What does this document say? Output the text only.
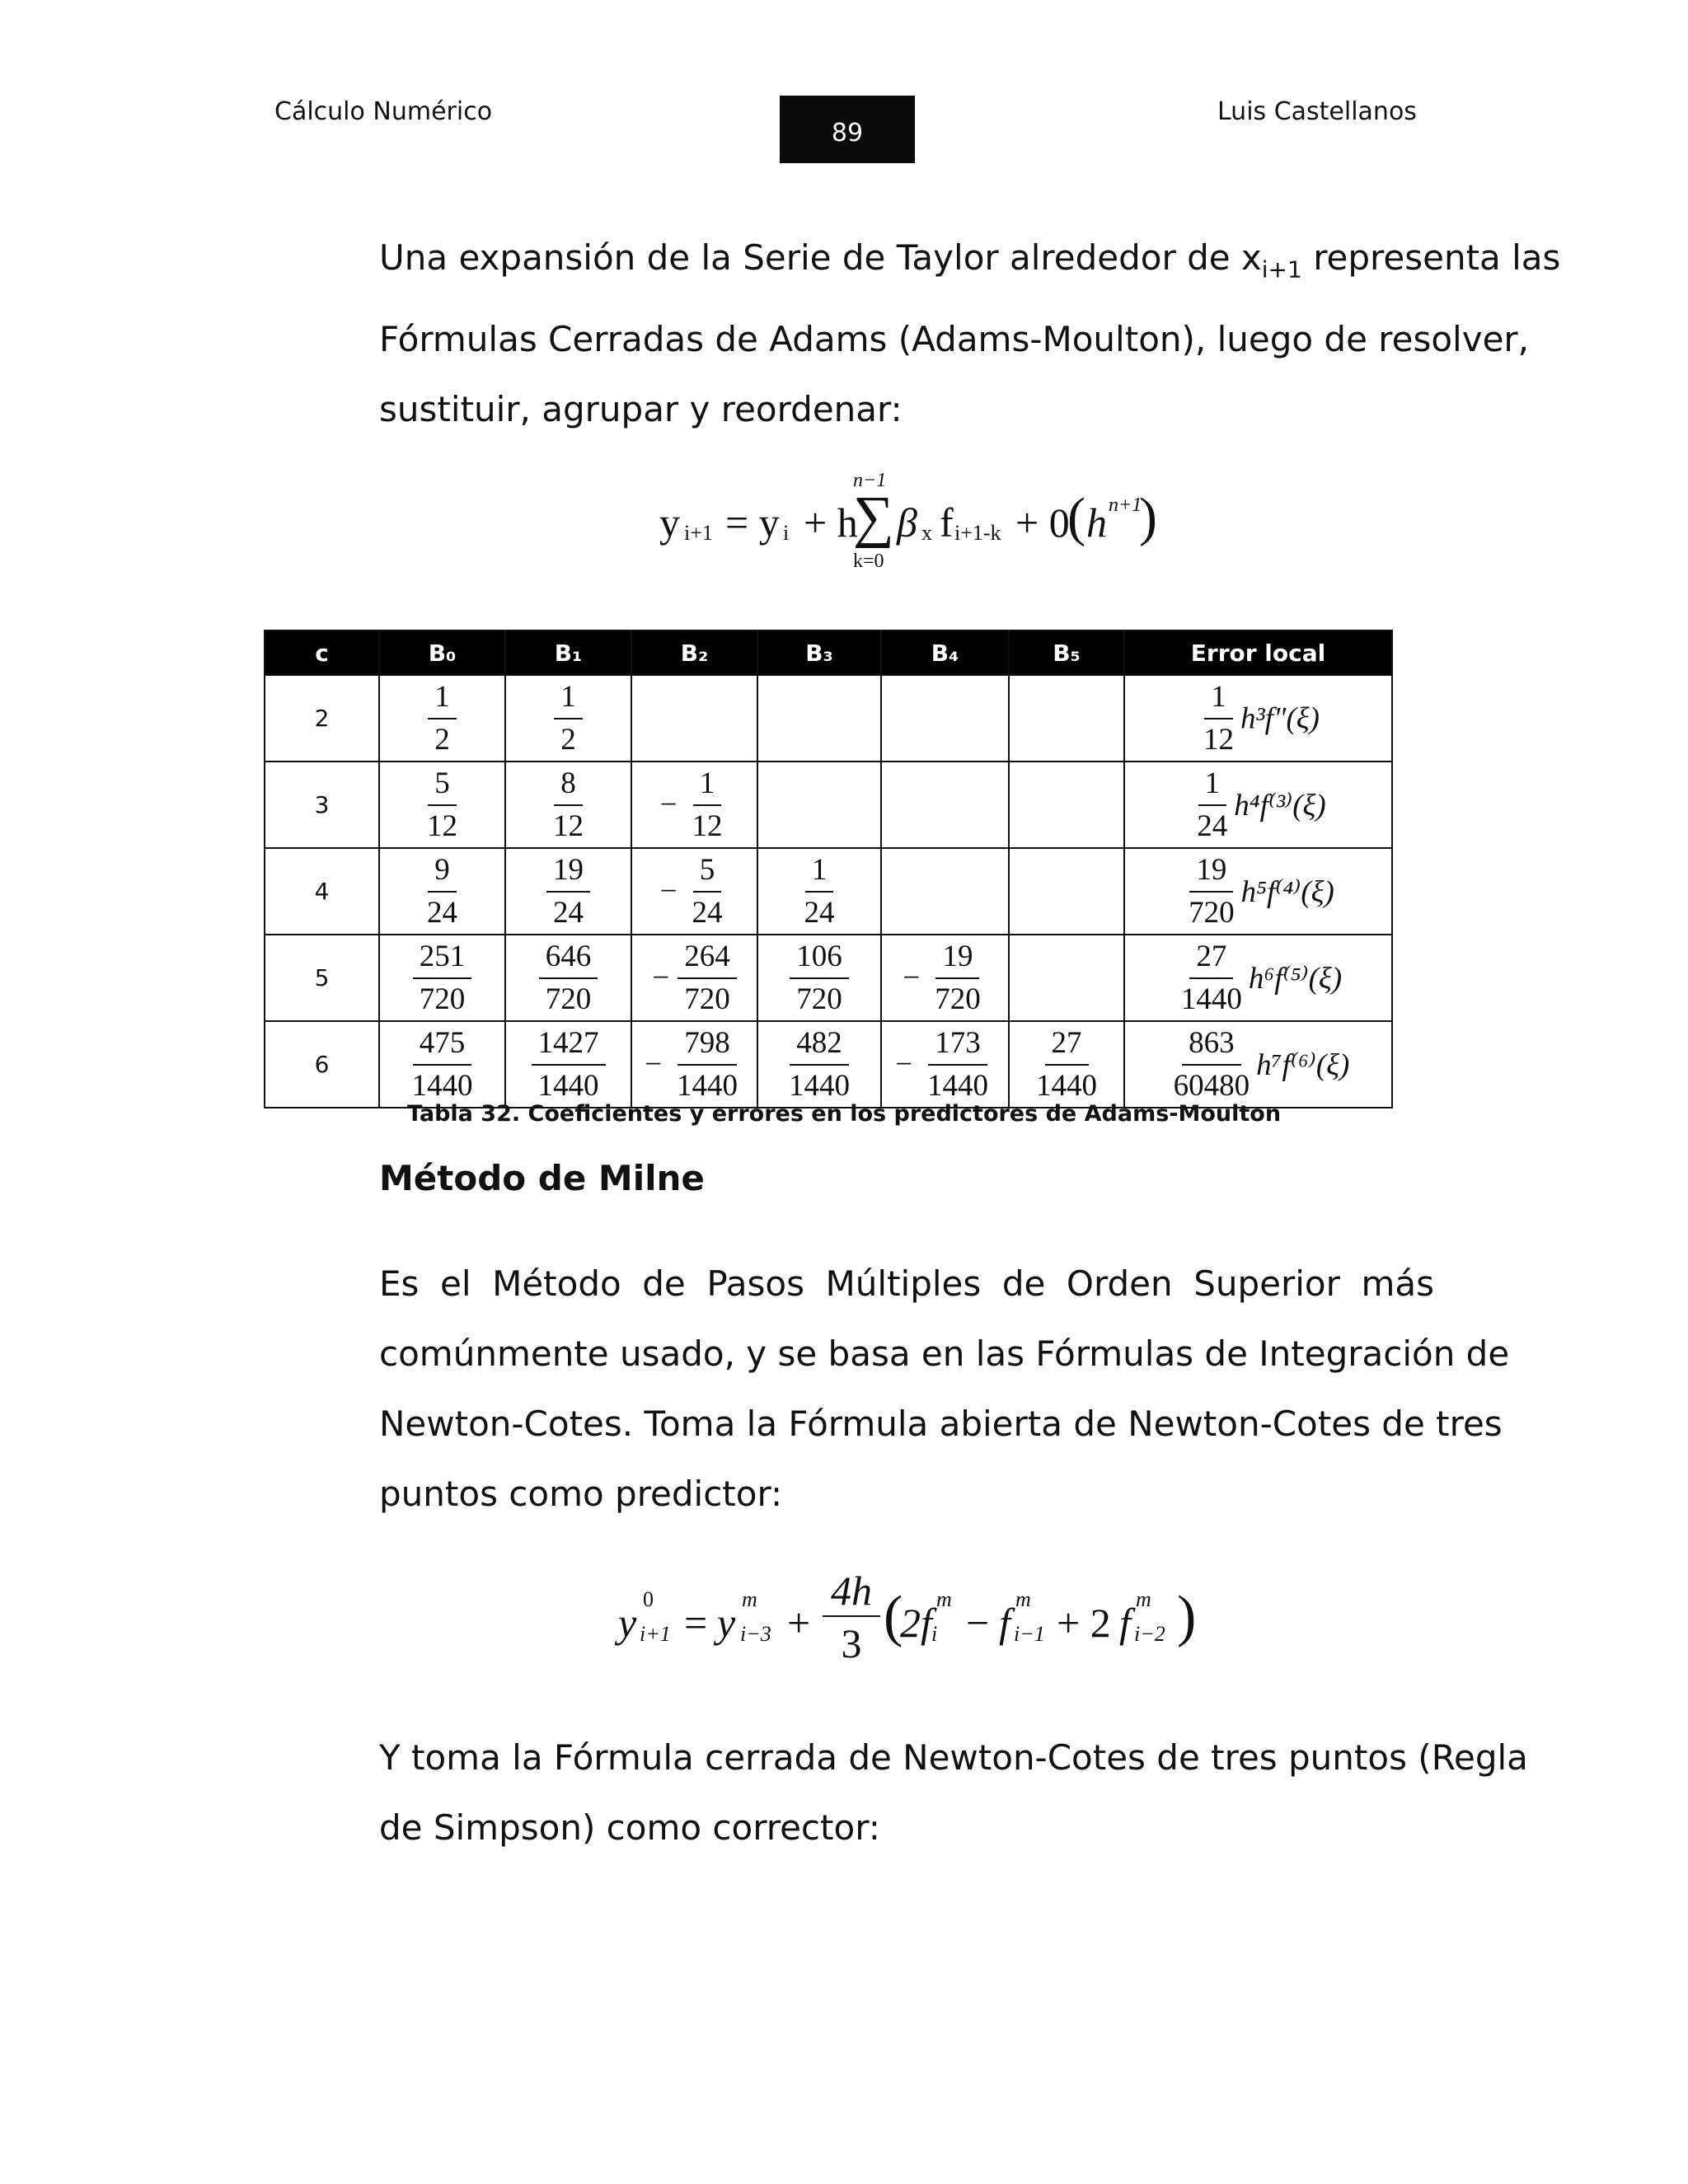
Cálculo Numérico
89
Luis Castellanos
Una expansión de la Serie de Taylor alrededor de $x_{i+1}$ representa las
Fórmulas Cerradas de Adams (Adams-Moulton), luego de resolver,
sustituir, agrupar y reordenar:
y i+1 = y i + h
n−1
∑
k=0
β x f i+1-k + 0
( h n+1
)
c	B₀	B₁	B₂	B₃	B₄	B₅	Error local
2	$\frac{1}{2}$	$\frac{1}{2}$					$\frac{1}{12}$ h³f"(ξ)
3	$\frac{5}{12}$	$\frac{8}{12}$	− $\frac{1}{12}$				$\frac{1}{24} h^4f^{(3)}(\xi)$
4	$\frac{9}{24}$	$\frac{19}{24}$	− $\frac{5}{24}$	$\frac{1}{24}$			$\frac{19}{720} h^5f^{(4)}(\xi)$
5	$\frac{251}{720}$	$\frac{646}{720}$	− $\frac{264}{720}$	$\frac{106}{720}$	− $\frac{19}{720}$		$\frac{27}{1440} h^6f^{(5)}(\xi)$
6	$\frac{475}{1440}$	$\frac{1427}{1440}$	− $\frac{798}{1440}$	$\frac{482}{1440}$	− $\frac{173}{1440}$	$\frac{27}{1440}$	$\frac{863}{60480} h^7f^{(6)}(\xi)$
Tabla 32. Coeficientes y errores en los predictores de Adams-Moulton
Método de Milne
Es el Método de Pasos Múltiples de Orden Superior más
comúnmente usado, y se basa en las Fórmulas de Integración de
Newton-Cotes. Toma la Fórmula abierta de Newton-Cotes de tres
puntos como predictor:
y
0
i+1 = y
m
i−3 +
4h
3 (
2f
m
i − f
m
i−1 + 2 f
m
i−2 )
Y toma la Fórmula cerrada de Newton-Cotes de tres puntos (Regla
de Simpson) como corrector:
